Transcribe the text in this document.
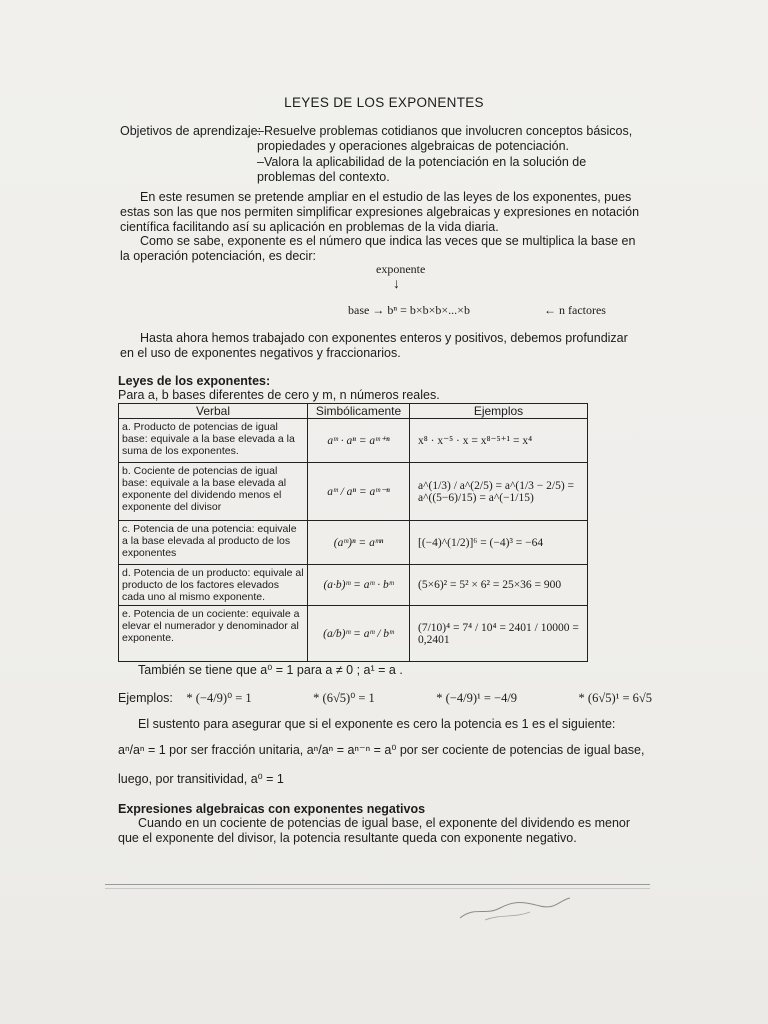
LEYES DE LOS EXPONENTES
Objetivos de aprendizaje:
–Resuelve problemas cotidianos que involucren conceptos básicos, propiedades y operaciones algebraicas de potenciación.
–Valora la aplicabilidad de la potenciación en la solución de problemas del contexto.
En este resumen se pretende ampliar en el estudio de las leyes de los exponentes, pues estas son las que nos permiten simplificar expresiones algebraicas y expresiones en notación científica facilitando así su aplicación en problemas de la vida diaria.
Como se sabe, exponente es el número que indica las veces que se multiplica la base en la operación potenciación, es decir:
exponente
↓
base → bⁿ = b×b×b×...×b	← n factores
Hasta ahora hemos trabajado con exponentes enteros y positivos, debemos profundizar en el uso de exponentes negativos y fraccionarios.
Leyes de los exponentes:
Para a, b bases diferentes de cero y m, n números reales.
Verbal	Simbólicamente	Ejemplos
a. Producto de potencias de igual base: equivale a la base elevada a la suma de los exponentes.	aᵐ · aⁿ = aᵐ⁺ⁿ	x⁸ · x⁻⁵ · x = x⁸⁻⁵⁺¹ = x⁴
b. Cociente de potencias de igual base: equivale a la base elevada al exponente del dividendo menos el exponente del divisor	aᵐ / aⁿ = aᵐ⁻ⁿ	a^(1/3) / a^(2/5) = a^(1/3 − 2/5) = a^((5−6)/15) = a^(−1/15)
c. Potencia de una potencia: equivale a la base elevada al producto de los exponentes	(aᵐ)ⁿ = aᵐⁿ	[(−4)^(1/2)]⁶ = (−4)³ = −64
d. Potencia de un producto: equivale al producto de los factores elevados cada uno al mismo exponente.	(a·b)ᵐ = aᵐ · bᵐ	(5×6)² = 5² × 6² = 25×36 = 900
e. Potencia de un cociente: equivale a elevar el numerador y denominador al exponente.	(a/b)ᵐ = aᵐ / bᵐ	(7/10)⁴ = 7⁴ / 10⁴ = 2401 / 10000 = 0,2401
También se tiene que a⁰ = 1 para a ≠ 0 ; a¹ = a .
Ejemplos: * (−4/9)⁰ = 1	* (6√5)⁰ = 1	* (−4/9)¹ = −4/9	* (6√5)¹ = 6√5
El sustento para asegurar que si el exponente es cero la potencia es 1 es el siguiente:
aⁿ/aⁿ = 1 por ser fracción unitaria, aⁿ/aⁿ = aⁿ⁻ⁿ = a⁰ por ser cociente de potencias de igual base,
luego, por transitividad, a⁰ = 1
Expresiones algebraicas con exponentes negativos
Cuando en un cociente de potencias de igual base, el exponente del dividendo es menor que el exponente del divisor, la potencia resultante queda con exponente negativo.
